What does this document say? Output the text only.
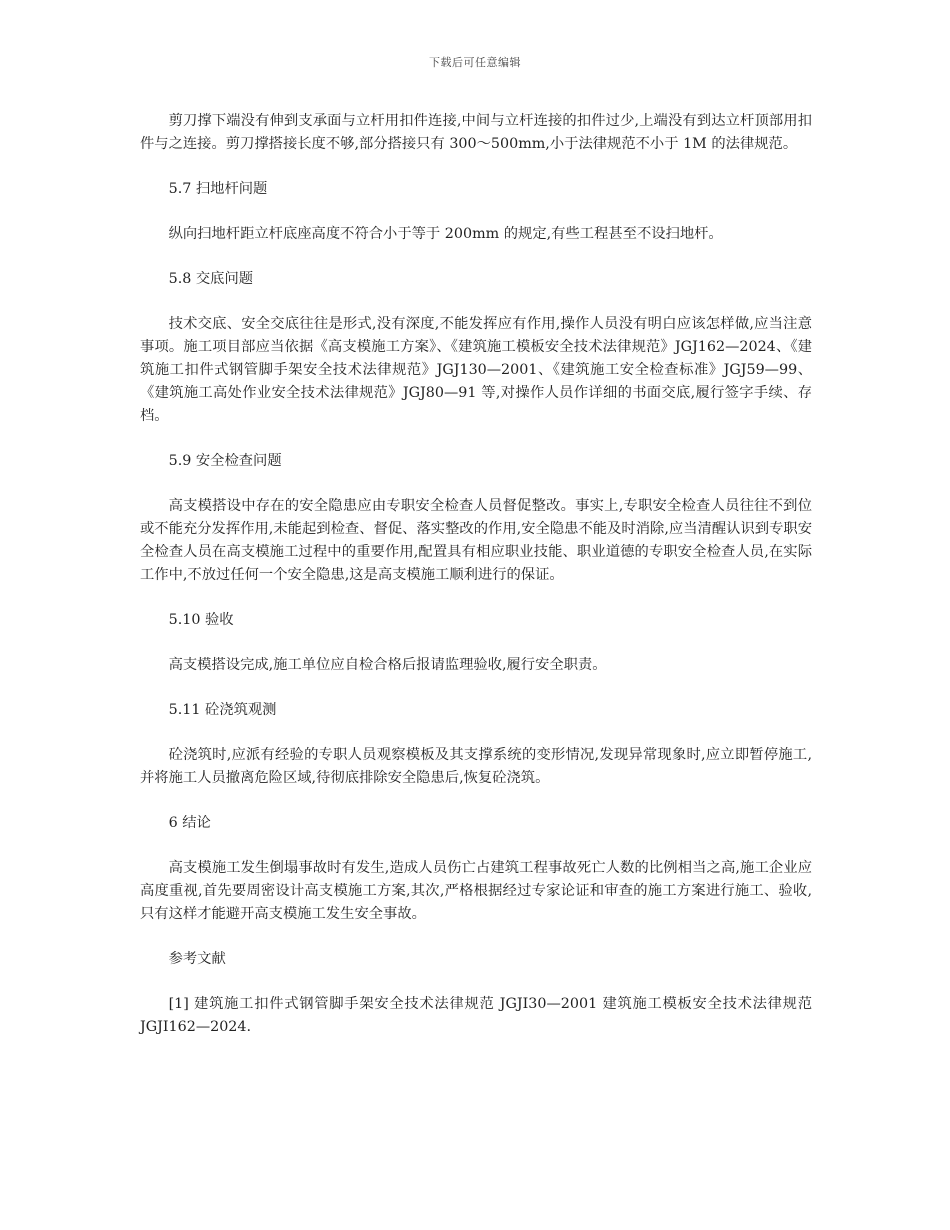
下载后可任意编辑

剪刀撑下端没有伸到支承面与立杆用扣件连接,中间与立杆连接的扣件过少,上端没有到达立杆顶部用扣件与之连接。剪刀撑搭接长度不够,部分搭接只有 300～500mm,小于法律规范不小于 1M 的法律规范。

5.7 扫地杆问题

纵向扫地杆距立杆底座高度不符合小于等于 200mm 的规定,有些工程甚至不设扫地杆。

5.8 交底问题

技术交底、安全交底往往是形式,没有深度,不能发挥应有作用,操作人员没有明白应该怎样做,应当注意事项。施工项目部应当依据《高支模施工方案》、《建筑施工模板安全技术法律规范》JGJ162—2024、《建筑施工扣件式钢管脚手架安全技术法律规范》JGJ130—2001、《建筑施工安全检查标准》JGJ59—99、《建筑施工高处作业安全技术法律规范》JGJ80—91 等,对操作人员作详细的书面交底,履行签字手续、存档。

5.9 安全检查问题

高支模搭设中存在的安全隐患应由专职安全检查人员督促整改。事实上,专职安全检查人员往往不到位或不能充分发挥作用,未能起到检查、督促、落实整改的作用,安全隐患不能及时消除,应当清醒认识到专职安全检查人员在高支模施工过程中的重要作用,配置具有相应职业技能、职业道德的专职安全检查人员,在实际工作中,不放过任何一个安全隐患,这是高支模施工顺利进行的保证。

5.10 验收

高支模搭设完成,施工单位应自检合格后报请监理验收,履行安全职责。

5.11 砼浇筑观测

砼浇筑时,应派有经验的专职人员观察模板及其支撑系统的变形情况,发现异常现象时,应立即暂停施工,并将施工人员撤离危险区域,待彻底排除安全隐患后,恢复砼浇筑。

6 结论

高支模施工发生倒塌事故时有发生,造成人员伤亡占建筑工程事故死亡人数的比例相当之高,施工企业应高度重视,首先要周密设计高支模施工方案,其次,严格根据经过专家论证和审查的施工方案进行施工、验收,只有这样才能避开高支模施工发生安全事故。

参考文献

[1] 建筑施工扣件式钢管脚手架安全技术法律规范 JGJI30—2001 建筑施工模板安全技术法律规范 JGJI162—2024.
